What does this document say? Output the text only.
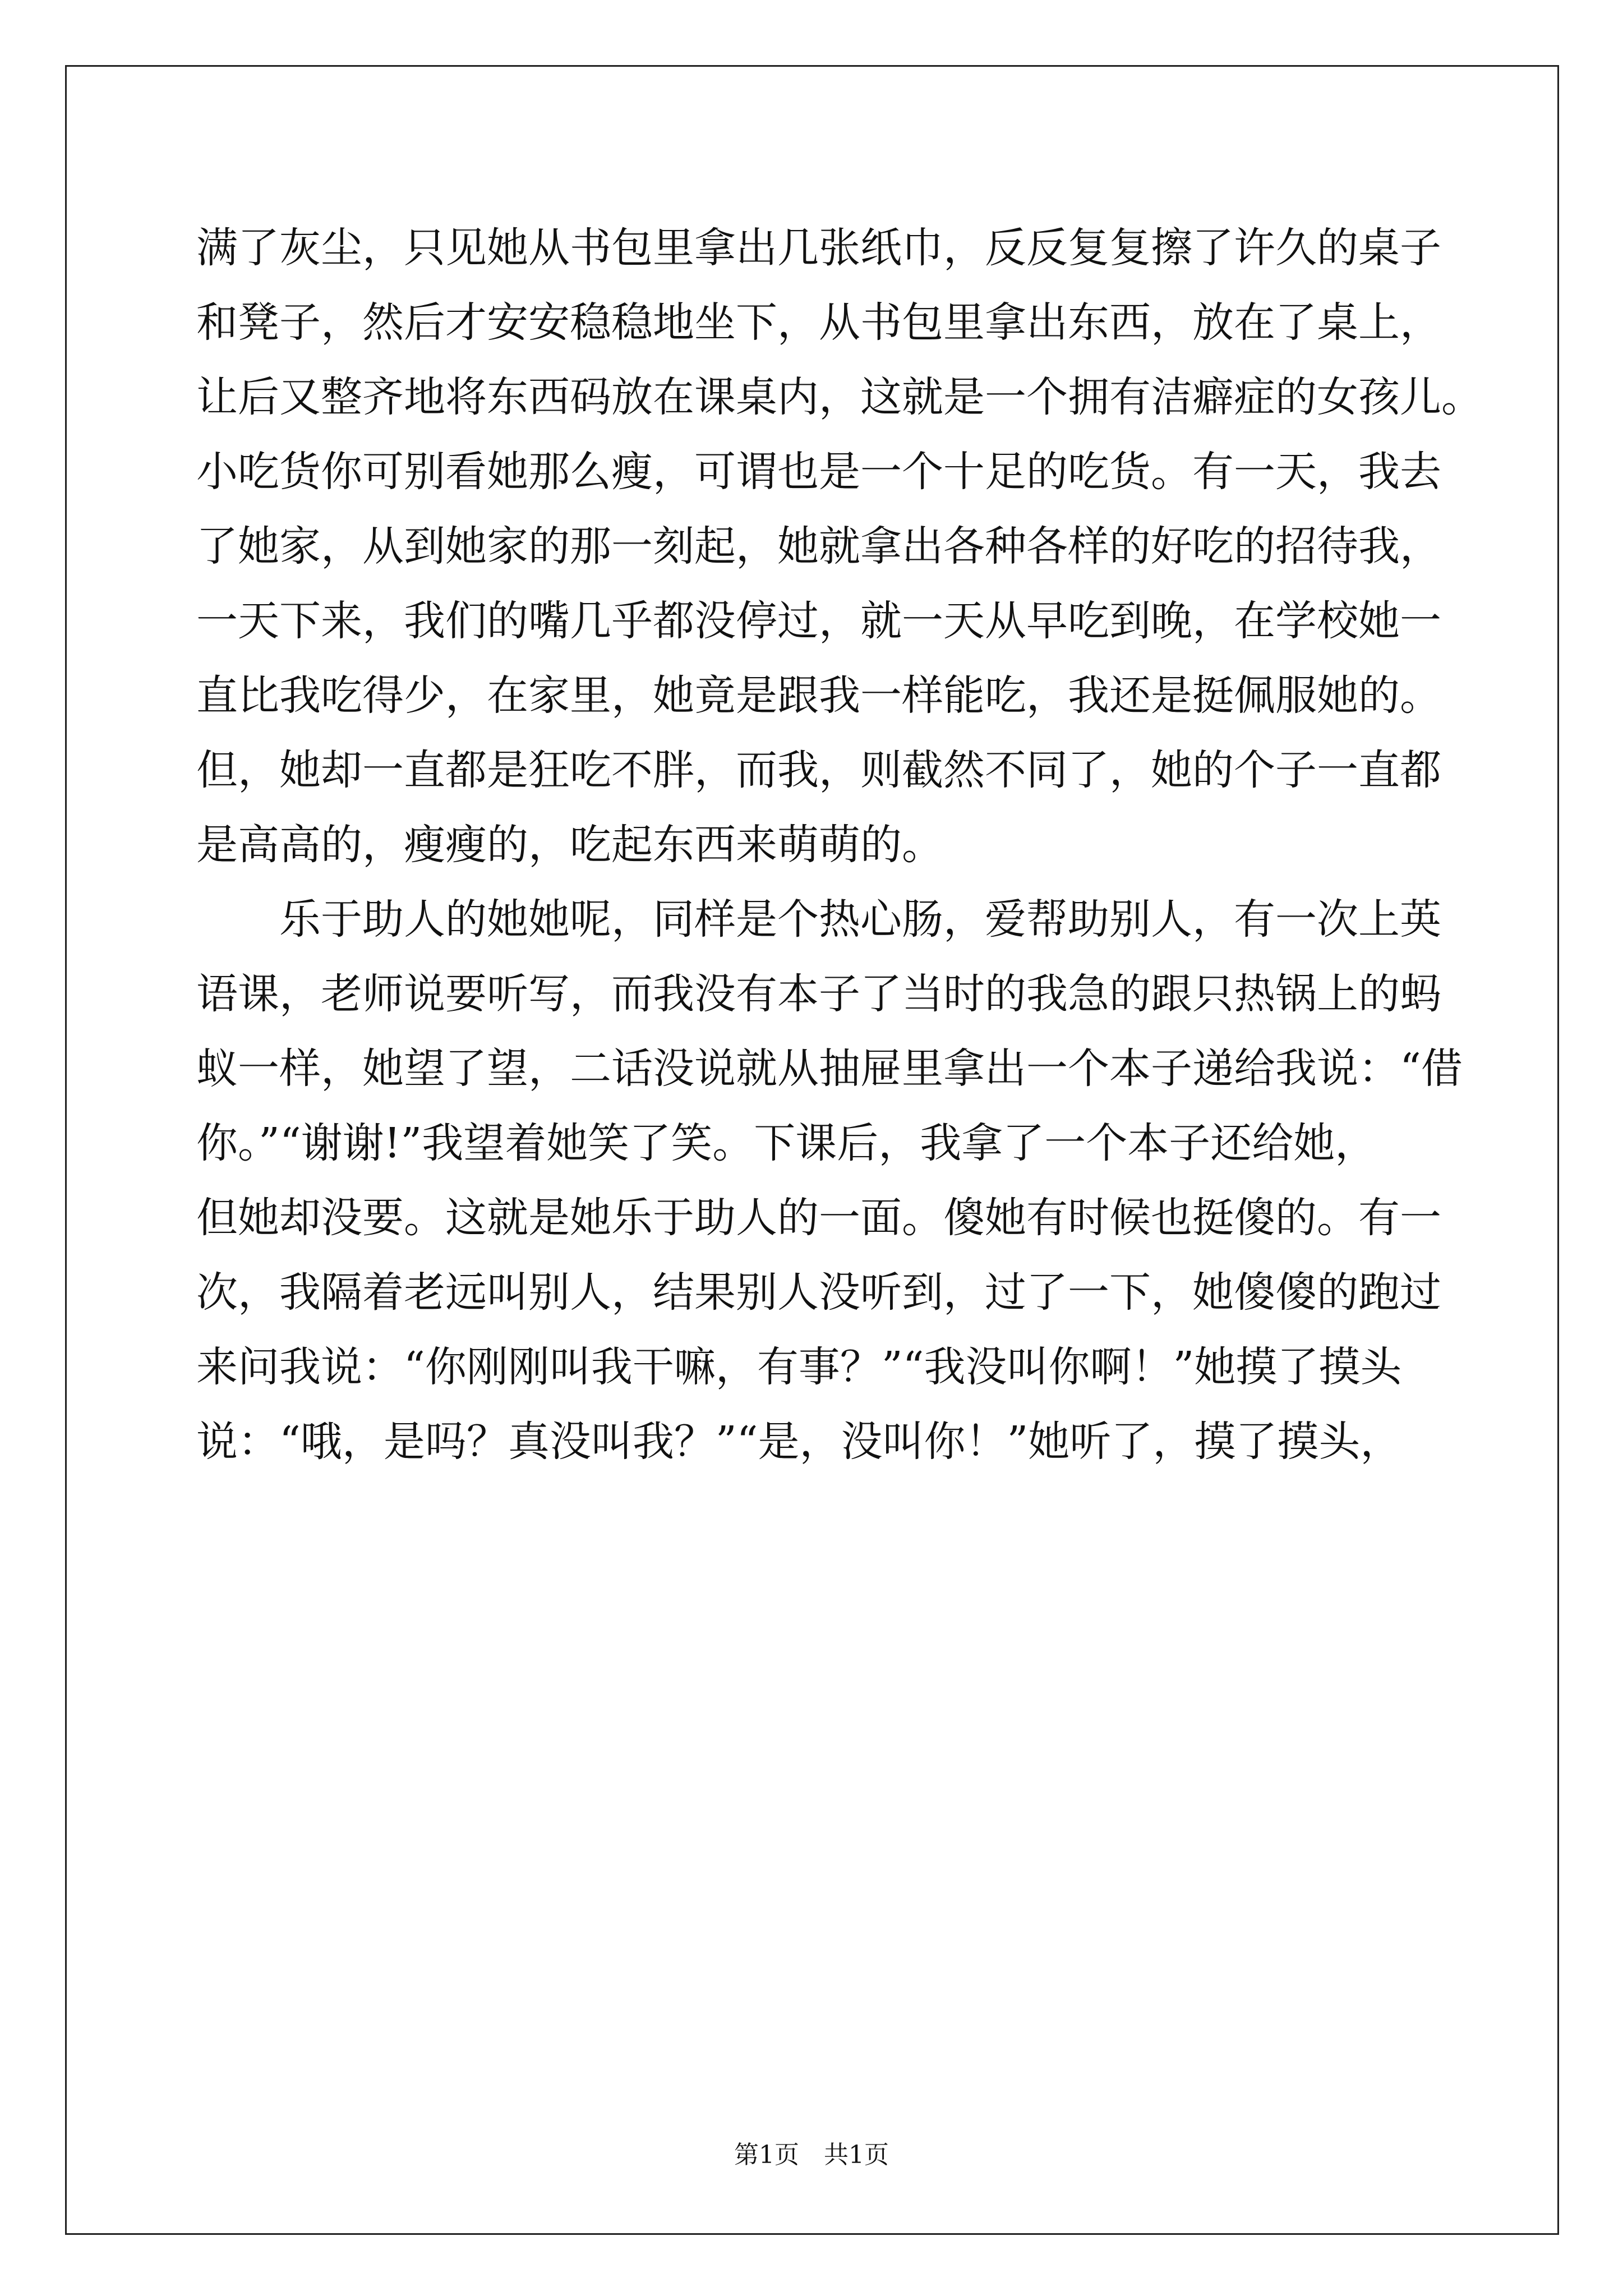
满了灰尘，只见她从书包里拿出几张纸巾，反反复复擦了许久的桌子
和凳子，然后才安安稳稳地坐下，从书包里拿出东西，放在了桌上，
让后又整齐地将东西码放在课桌内，这就是一个拥有洁癖症的女孩儿。
小吃货你可别看她那么瘦，可谓也是一个十足的吃货。有一天，我去
了她家，从到她家的那一刻起，她就拿出各种各样的好吃的招待我，
一天下来，我们的嘴几乎都没停过，就一天从早吃到晚，在学校她一
直比我吃得少，在家里，她竟是跟我一样能吃，我还是挺佩服她的。
但，她却一直都是狂吃不胖，而我，则截然不同了，她的个子一直都
是高高的，瘦瘦的，吃起东西来萌萌的。
乐于助人的她她呢，同样是个热心肠，爱帮助别人，有一次上英
语课，老师说要听写，而我没有本子了当时的我急的跟只热锅上的蚂
蚁一样，她望了望，二话没说就从抽屉里拿出一个本子递给我说：“借
你。”“谢谢!”我望着她笑了笑。下课后，我拿了一个本子还给她，
但她却没要。这就是她乐于助人的一面。傻她有时候也挺傻的。有一
次，我隔着老远叫别人，结果别人没听到，过了一下，她傻傻的跑过
来问我说：“你刚刚叫我干嘛，有事？”“我没叫你啊！”她摸了摸头
说：“哦，是吗？真没叫我？”“是，没叫你！”她听了，摸了摸头，
第1页　共1页
